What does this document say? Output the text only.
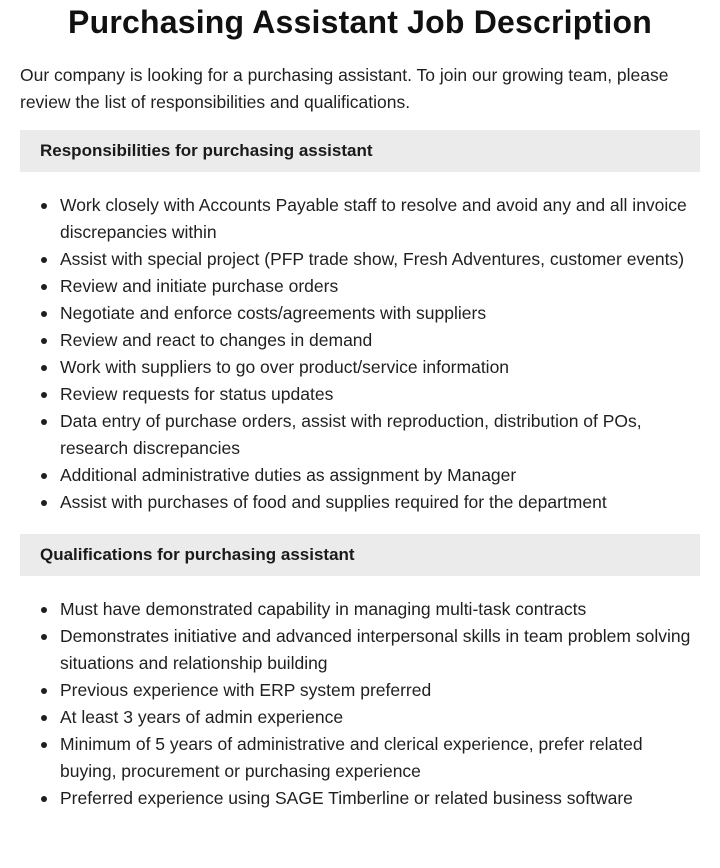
Purchasing Assistant Job Description

Our company is looking for a purchasing assistant. To join our growing team, please review the list of responsibilities and qualifications.

Responsibilities for purchasing assistant
Work closely with Accounts Payable staff to resolve and avoid any and all invoice discrepancies within
Assist with special project (PFP trade show, Fresh Adventures, customer events)
Review and initiate purchase orders
Negotiate and enforce costs/agreements with suppliers
Review and react to changes in demand
Work with suppliers to go over product/service information
Review requests for status updates
Data entry of purchase orders, assist with reproduction, distribution of POs, research discrepancies
Additional administrative duties as assignment by Manager
Assist with purchases of food and supplies required for the department
Qualifications for purchasing assistant
Must have demonstrated capability in managing multi-task contracts
Demonstrates initiative and advanced interpersonal skills in team problem solving situations and relationship building
Previous experience with ERP system preferred
At least 3 years of admin experience
Minimum of 5 years of administrative and clerical experience, prefer related buying, procurement or purchasing experience
Preferred experience using SAGE Timberline or related business software
